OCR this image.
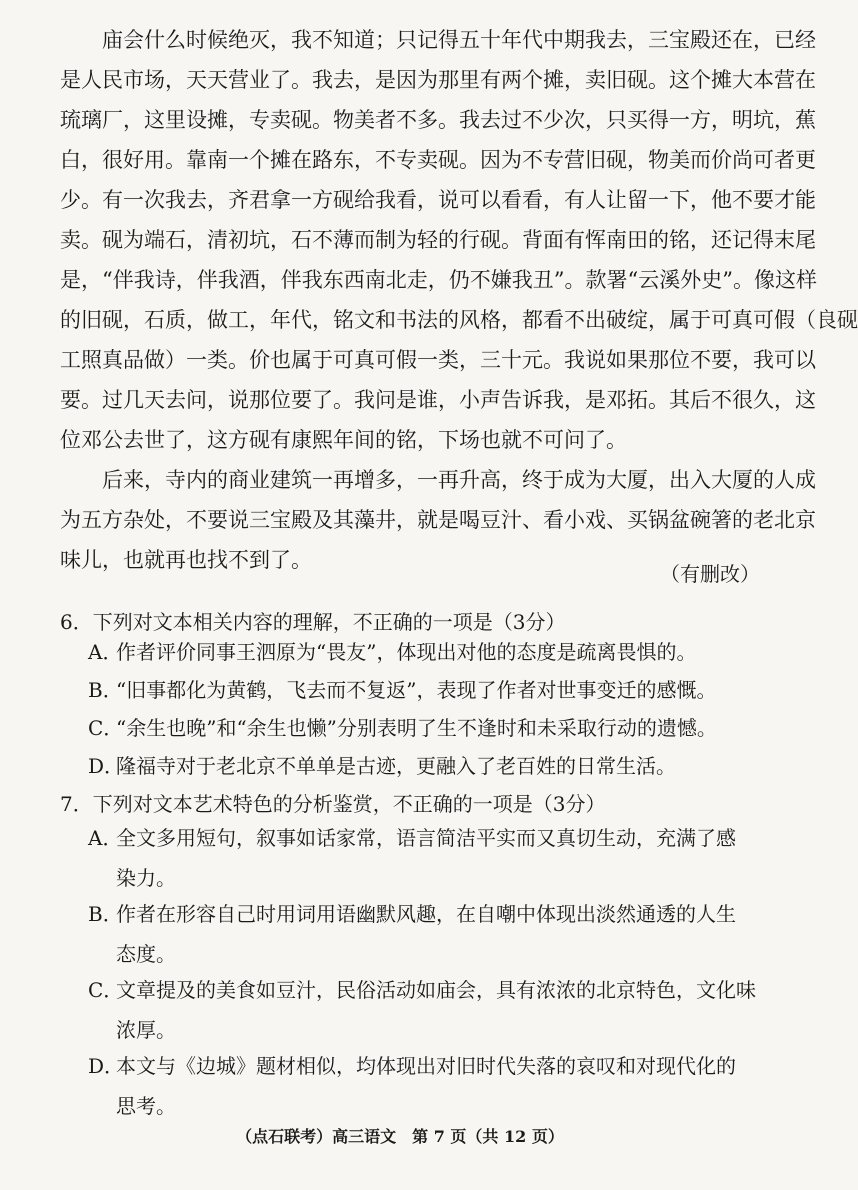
庙会什么时候绝灭，我不知道；只记得五十年代中期我去，三宝殿还在，已经
是人民市场，天天营业了。我去，是因为那里有两个摊，卖旧砚。这个摊大本营在
琉璃厂，这里设摊，专卖砚。物美者不多。我去过不少次，只买得一方，明坑，蕉
白，很好用。靠南一个摊在路东，不专卖砚。因为不专营旧砚，物美而价尚可者更
少。有一次我去，齐君拿一方砚给我看，说可以看看，有人让留一下，他不要才能
卖。砚为端石，清初坑，石不薄而制为轻的行砚。背面有恽南田的铭，还记得末尾
是，“伴我诗，伴我酒，伴我东西南北走，仍不嫌我丑”。款署“云溪外史”。像这样
的旧砚，石质，做工，年代，铭文和书法的风格，都看不出破绽，属于可真可假（良砚
工照真品做）一类。价也属于可真可假一类，三十元。我说如果那位不要，我可以
要。过几天去问，说那位要了。我问是谁，小声告诉我，是邓拓。其后不很久，这
位邓公去世了，这方砚有康熙年间的铭，下场也就不可问了。
后来，寺内的商业建筑一再增多，一再升高，终于成为大厦，出入大厦的人成
为五方杂处，不要说三宝殿及其藻井，就是喝豆汁、看小戏、买锅盆碗箸的老北京
味儿，也就再也找不到了。
（有删改）
6．下列对文本相关内容的理解，不正确的一项是（3分）
A．
作者评价同事王泗原为“畏友”，体现出对他的态度是疏离畏惧的。
B．
“旧事都化为黄鹤，飞去而不复返”，表现了作者对世事变迁的感慨。
C．
“余生也晚”和“余生也懒”分别表明了生不逢时和未采取行动的遗憾。
D．
隆福寺对于老北京不单单是古迹，更融入了老百姓的日常生活。
7．下列对文本艺术特色的分析鉴赏，不正确的一项是（3分）
A．
全文多用短句，叙事如话家常，语言简洁平实而又真切生动，充满了感
染力。
B．
作者在形容自己时用词用语幽默风趣，在自嘲中体现出淡然通透的人生
态度。
C．
文章提及的美食如豆汁，民俗活动如庙会，具有浓浓的北京特色，文化味
浓厚。
D．
本文与《边城》题材相似，均体现出对旧时代失落的哀叹和对现代化的
思考。
（点石联考）高三语文　第 7 页（共 12 页）
